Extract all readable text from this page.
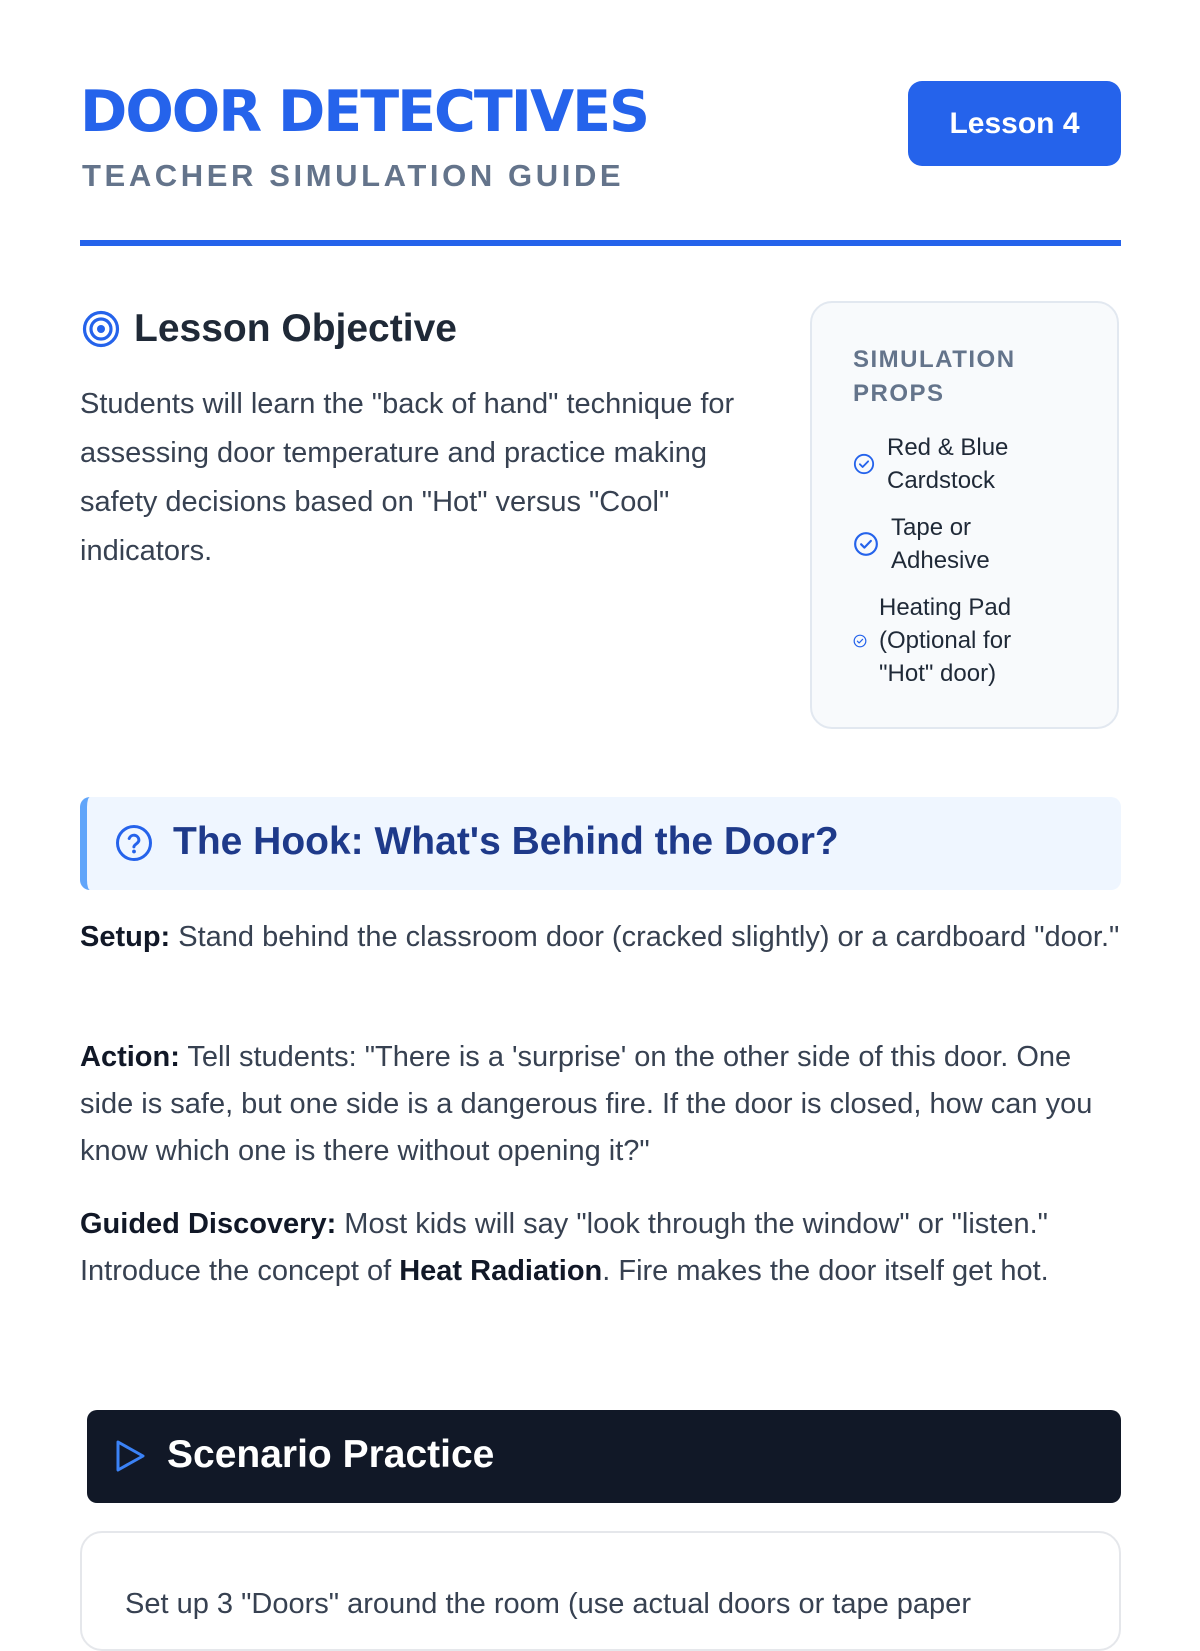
DOOR DETECTIVES
TEACHER SIMULATION GUIDE
Lesson 4
Lesson Objective

Students will learn the "back of hand" technique for assessing door temperature and practice making safety decisions based on "Hot" versus "Cool" indicators.

SIMULATION PROPS
Red & Blue Cardstock
Tape or Adhesive
Heating Pad (Optional for "Hot" door)
The Hook: What's Behind the Door?

Setup: Stand behind the classroom door (cracked slightly) or a cardboard "door."

Action: Tell students: "There is a 'surprise' on the other side of this door. One side is safe, but one side is a dangerous fire. If the door is closed, how can you know which one is there without opening it?"

Guided Discovery: Most kids will say "look through the window" or "listen." Introduce the concept of Heat Radiation. Fire makes the door itself get hot.

Scenario Practice

Set up 3 "Doors" around the room (use actual doors or tape paper
